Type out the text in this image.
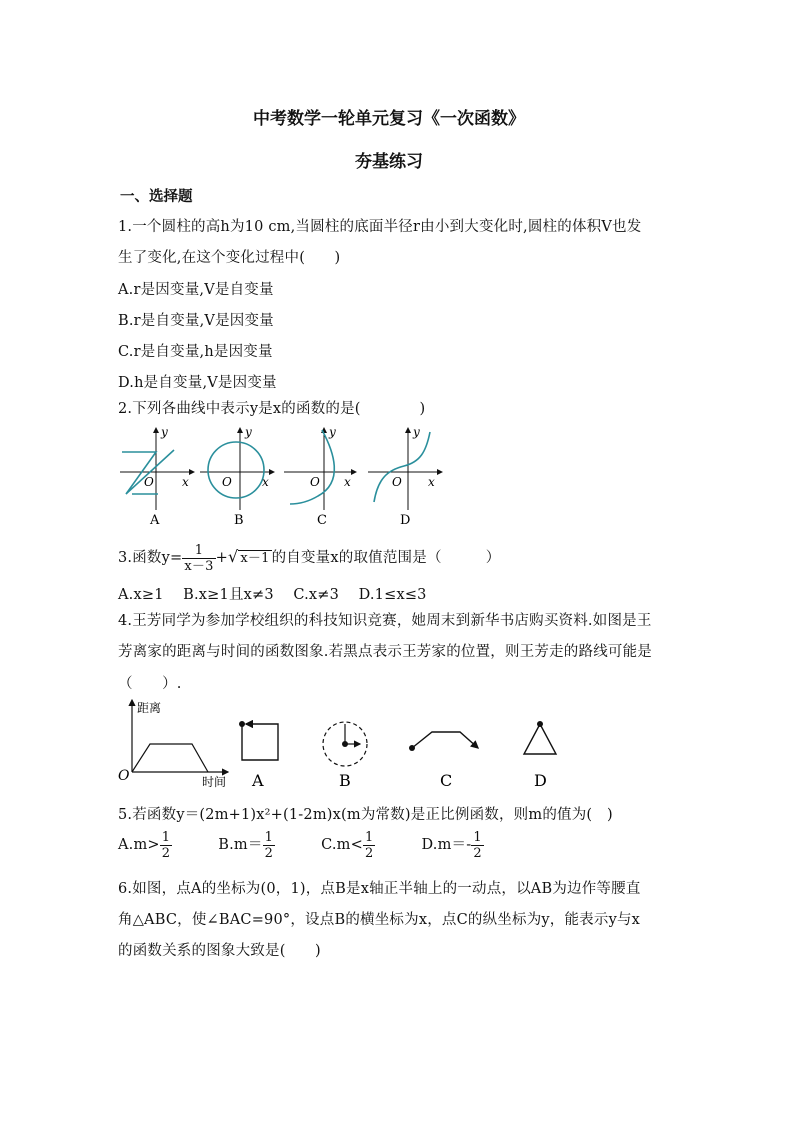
中考数学一轮单元复习《一次函数》
夯基练习
一、选择题
1.一个圆柱的高h为10 cm,当圆柱的底面半径r由小到大变化时,圆柱的体积V也发
生了变化,在这个变化过程中(　　)
A.r是因变量,V是自变量
B.r是自变量,V是因变量
C.r是自变量,h是因变量
D.h是自变量,V是因变量
2.下列各曲线中表示y是x的函数的是(　　　　)
y
x
O
A
y
x
O
B
y
x
O
C
y
x
O
D
3.函数$y= \frac{1}{x-3}$ +√ x－1 的自变量x的取值范围是（　　　）
A.x≥1　 B.x≥1且x≠3　 C.x≠3　 D.1≤x≤3
4.王芳同学为参加学校组织的科技知识竞赛，她周末到新华书店购买资料.如图是王
芳离家的距离与时间的函数图象.若黑点表示王芳家的位置，则王芳走的路线可能是
（　　）.
距离
时间
O	A	B	C	D
5.若函数y＝(2m+1)x²+(1-2m)x(m为常数)是正比例函数，则m的值为(　)
$A.m> \frac{1}{2}$	$B.m= \frac{1}{2}$	$C.m< \frac{1}{2}$	$D.m=- \frac{1}{2}$
6.如图，点A的坐标为(0，1)，点B是x轴正半轴上的一动点，以AB为边作等腰直
角△ABC，使∠BAC=90°，设点B的横坐标为x，点C的纵坐标为y，能表示y与x
的函数关系的图象大致是(　　)
